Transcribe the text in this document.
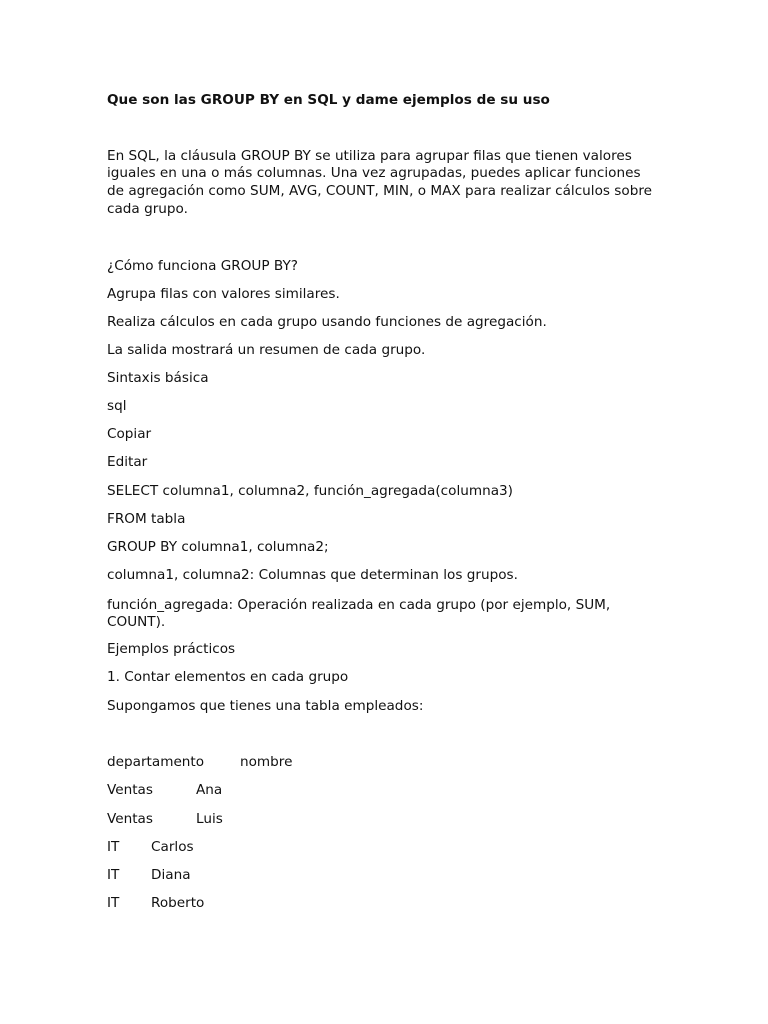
Que son las GROUP BY en SQL y dame ejemplos de su uso

En SQL, la cláusula GROUP BY se utiliza para agrupar filas que tienen valores

iguales en una o más columnas. Una vez agrupadas, puedes aplicar funciones

de agregación como SUM, AVG, COUNT, MIN, o MAX para realizar cálculos sobre

cada grupo.

¿Cómo funciona GROUP BY?

Agrupa filas con valores similares.

Realiza cálculos en cada grupo usando funciones de agregación.

La salida mostrará un resumen de cada grupo.

Sintaxis básica

sql

Copiar

Editar

SELECT columna1, columna2, función_agregada(columna3)

FROM tabla

GROUP BY columna1, columna2;

columna1, columna2: Columnas que determinan los grupos.

función_agregada: Operación realizada en cada grupo (por ejemplo, SUM,

COUNT).

Ejemplos prácticos

1. Contar elementos en cada grupo

Supongamos que tienes una tabla empleados:

departamento	nombre
Ventas	Ana
Ventas	Luis
IT Carlos
IT Diana
IT Roberto
